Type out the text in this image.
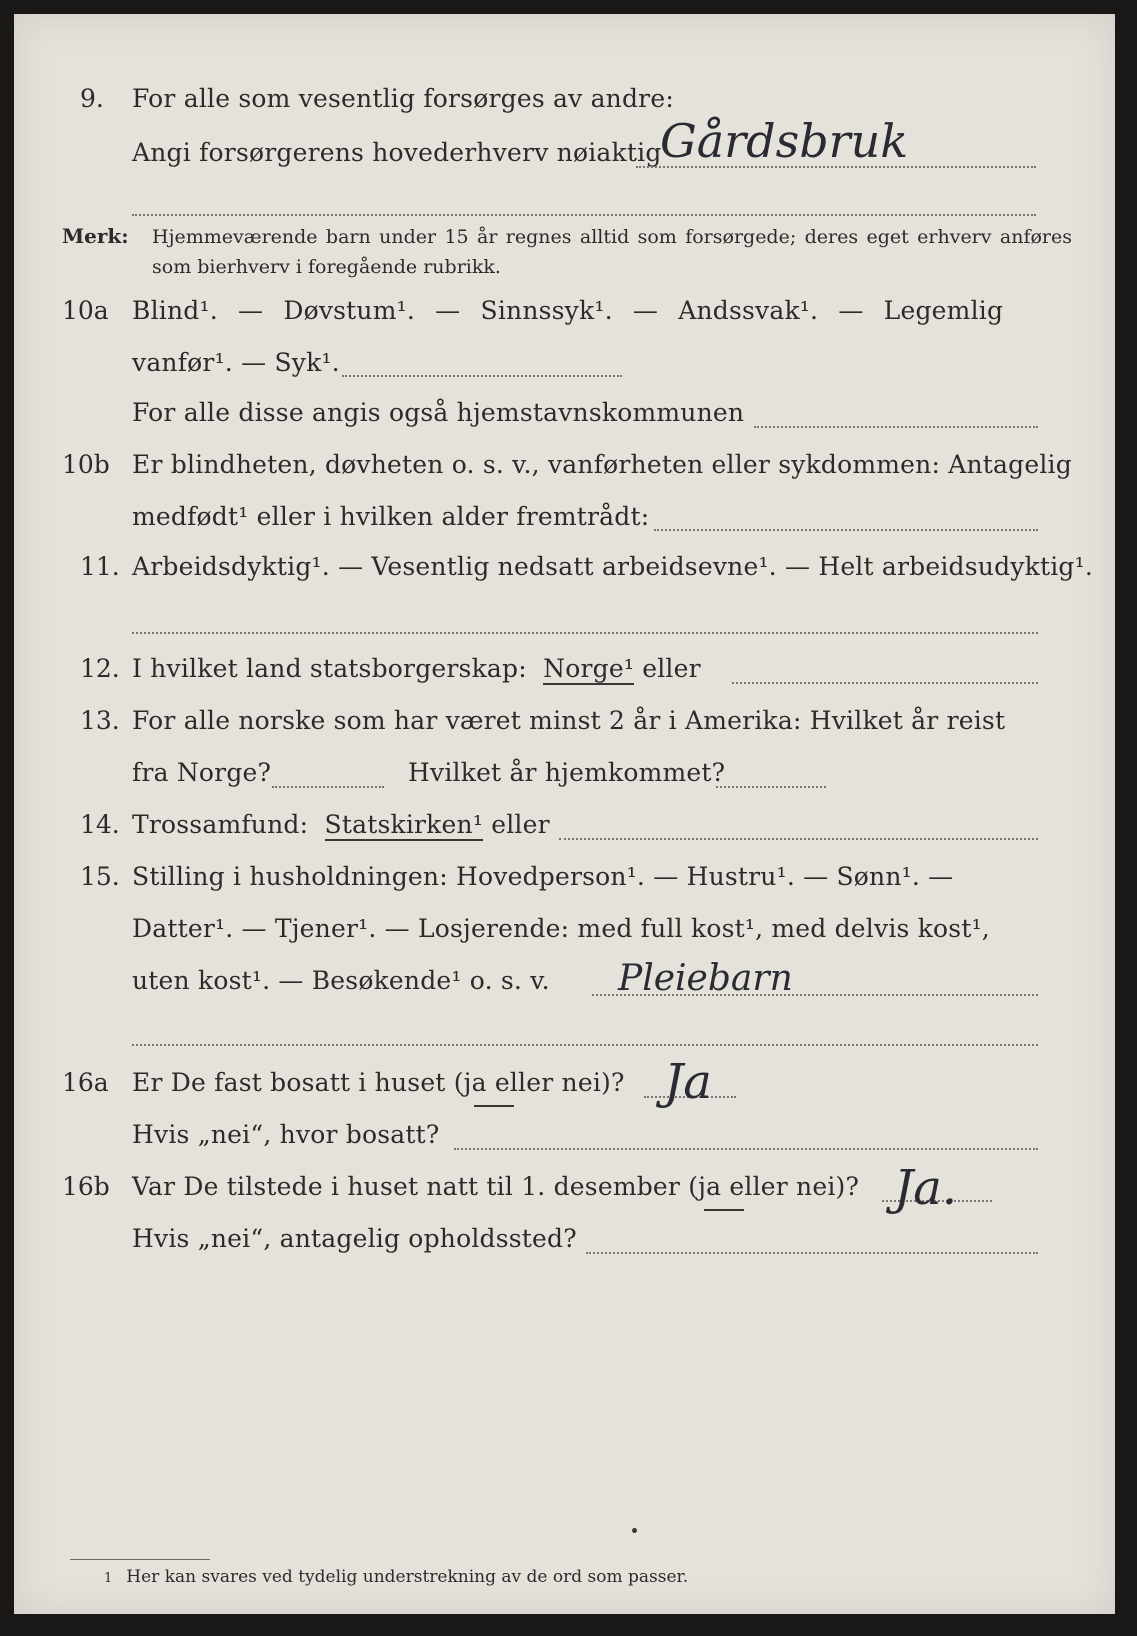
9. For alle som vesentlig forsørges av andre:
Angi forsørgerens hovederhverv nøiaktig
Gårdsbruk
Merk: Hjemmeværende barn under 15 år regnes alltid som forsørgede; deres eget erhverv anføres som bierhverv i foregående rubrikk.
10a Blind¹. — Døvstum¹. — Sinnssyk¹. — Andssvak¹. — Legemlig
vanfør¹. — Syk¹.
For alle disse angis også hjemstavnskommunen
10b Er blindheten, døvheten o. s. v., vanførheten eller sykdommen: Antagelig
medfødt¹ eller i hvilken alder fremtrådt:
11. Arbeidsdyktig¹. — Vesentlig nedsatt arbeidsevne¹. — Helt arbeidsudyktig¹.
12. I hvilket land statsborgerskap:
Norge¹
eller
13. For alle norske som har været minst 2 år i Amerika: Hvilket år reist
fra Norge?	Hvilket år hjemkommet?
14. Trossamfund:
Statskirken¹
eller
15. Stilling i husholdningen: Hovedperson¹. — Hustru¹. — Sønn¹. —
Datter¹. — Tjener¹. — Losjerende: med full kost¹, med delvis kost¹,
uten kost¹. — Besøkende¹ o. s. v. Pleiebarn
16a Er De fast bosatt i huset (ja eller nei)? Ja
Hvis „nei“, hvor bosatt?
16b Var De tilstede i huset natt til 1. desember (ja eller nei)? Ja.
Hvis „nei“, antagelig opholdssted?
1 Her kan svares ved tydelig understrekning av de ord som passer.
